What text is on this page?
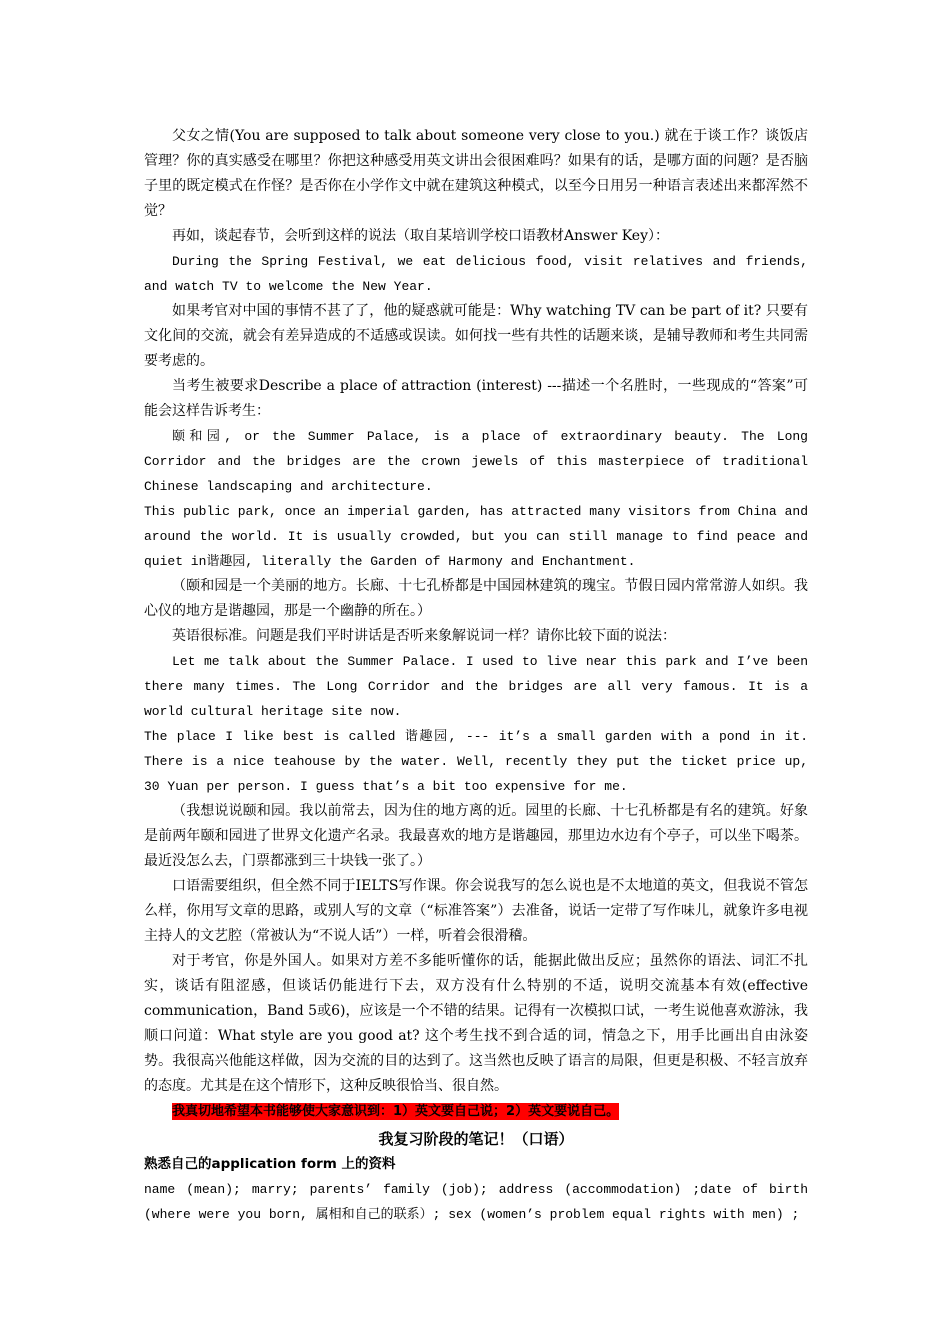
父女之情(You are supposed to talk about someone very close to you.) 就在于谈工作？谈饭店管理？你的真实感受在哪里？你把这种感受用英文讲出会很困难吗？如果有的话，是哪方面的问题？是否脑子里的既定模式在作怪？是否你在小学作文中就在建筑这种模式，以至今日用另一种语言表述出来都浑然不觉？

再如，谈起春节，会听到这样的说法（取自某培训学校口语教材Answer Key）：

During the Spring Festival, we eat delicious food, visit relatives and friends, and watch TV to welcome the New Year.

如果考官对中国的事情不甚了了，他的疑惑就可能是：Why watching TV can be part of it? 只要有文化间的交流，就会有差异造成的不适感或误读。如何找一些有共性的话题来谈，是辅导教师和考生共同需要考虑的。

当考生被要求Describe a place of attraction (interest) ---描述一个名胜时，一些现成的“答案”可能会这样告诉考生：

颐和园, or the Summer Palace, is a place of extraordinary beauty. The Long Corridor and the bridges are the crown jewels of this masterpiece of traditional Chinese landscaping and architecture.

This public park, once an imperial garden, has attracted many visitors from China and around the world. It is usually crowded, but you can still manage to find peace and quiet in谐趣园, literally the Garden of Harmony and Enchantment.

（颐和园是一个美丽的地方。长廊、十七孔桥都是中国园林建筑的瑰宝。节假日园内常常游人如织。我心仪的地方是谐趣园，那是一个幽静的所在。）

英语很标准。问题是我们平时讲话是否听来象解说词一样？请你比较下面的说法：

Let me talk about the Summer Palace. I used to live near this park and I’ve been there many times. The Long Corridor and the bridges are all very famous. It is a world cultural heritage site now.

The place I like best is called 谐趣园, --- it’s a small garden with a pond in it. There is a nice teahouse by the water. Well, recently they put the ticket price up, 30 Yuan per person. I guess that’s a bit too expensive for me.

（我想说说颐和园。我以前常去，因为住的地方离的近。园里的长廊、十七孔桥都是有名的建筑。好象是前两年颐和园进了世界文化遗产名录。我最喜欢的地方是谐趣园，那里边水边有个亭子，可以坐下喝茶。最近没怎么去，门票都涨到三十块钱一张了。）

口语需要组织，但全然不同于IELTS写作课。你会说我写的怎么说也是不太地道的英文，但我说不管怎么样，你用写文章的思路，或别人写的文章（“标准答案”）去准备，说话一定带了写作味儿，就象许多电视主持人的文艺腔（常被认为“不说人话”）一样，听着会很滑稽。

对于考官，你是外国人。如果对方差不多能听懂你的话，能据此做出反应；虽然你的语法、词汇不扎实，谈话有阻涩感，但谈话仍能进行下去，双方没有什么特别的不适，说明交流基本有效(effective communication，Band 5或6)，应该是一个不错的结果。记得有一次模拟口试，一考生说他喜欢游泳，我顺口问道：What style are you good at? 这个考生找不到合适的词，情急之下，用手比画出自由泳姿势。我很高兴他能这样做，因为交流的目的达到了。这当然也反映了语言的局限，但更是积极、不轻言放弃的态度。尤其是在这个情形下，这种反映很恰当、很自然。

我真切地希望本书能够使大家意识到：1）英文要自己说；2）英文要说自己。

我复习阶段的笔记！（口语）

熟悉自己的application form 上的资料

name (mean); marry; parents’ family (job); address (accommodation) ;date of birth (where were you born, 属相和自己的联系）; sex (women’s problem equal rights with men) ;
